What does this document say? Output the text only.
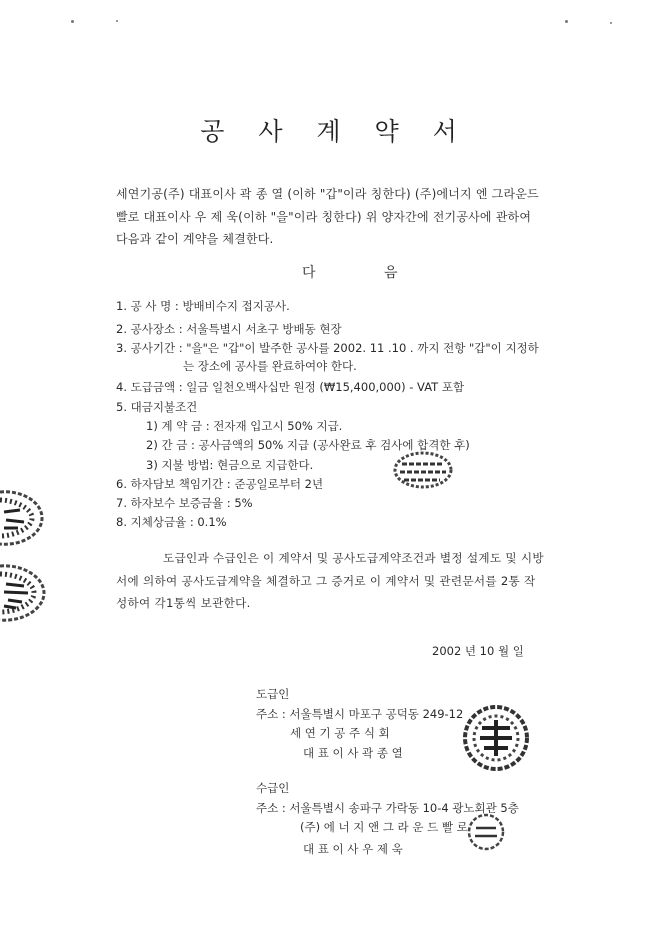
공 사 계 약 서
세연기공(주) 대표이사 곽 종 열 (이하 "갑"이라 칭한다) (주)에너지 엔 그라운드
빨로 대표이사 우 제 욱(이하 "을"이라 칭한다) 위 양자간에 전기공사에 관하여
다음과 같이 계약을 체결한다.
다	음
1. 공 사 명 : 방배비수지 접지공사.
2. 공사장소 : 서울특별시 서초구 방배동 현장
3. 공사기간 : "을"은 "갑"이 발주한 공사를 2002. 11 .10 . 까지 전항 "갑"이 지정하
는 장소에 공사를 완료하여야 한다.
4. 도급금액 : 일금 일천오백사십만 원정 (₩15,400,000) - VAT 포함
5. 대금지불조건
1) 계 약 금 : 전자재 입고시 50% 지급.
2) 간 금 : 공사금액의 50% 지급 (공사완료 후 검사에 합격한 후)
3) 지불 방법: 현금으로 지급한다.
6. 하자담보 책임기간 : 준공일로부터 2년
7. 하자보수 보증금율 : 5%
8. 지체상금율 : 0.1%
도급인과 수급인은 이 계약서 및 공사도급계약조건과 별정 설계도 및 시방
서에 의하여 공사도급계약을 체결하고 그 증거로 이 계약서 및 관련문서를 2통 작
성하여 각1통씩 보관한다.
2002 년 10 월 일
도급인
주소 : 서울특별시 마포구 공덕동 249-12
세 연 기 공 주 식 회
대 표 이 사 곽 종 열
수급인
주소 : 서울특별시 송파구 가락동 10-4 광노회관 5층
(주) 에 너 지 앤 그 라 운 드 빨 로
대 표 이 사 우 제 욱
